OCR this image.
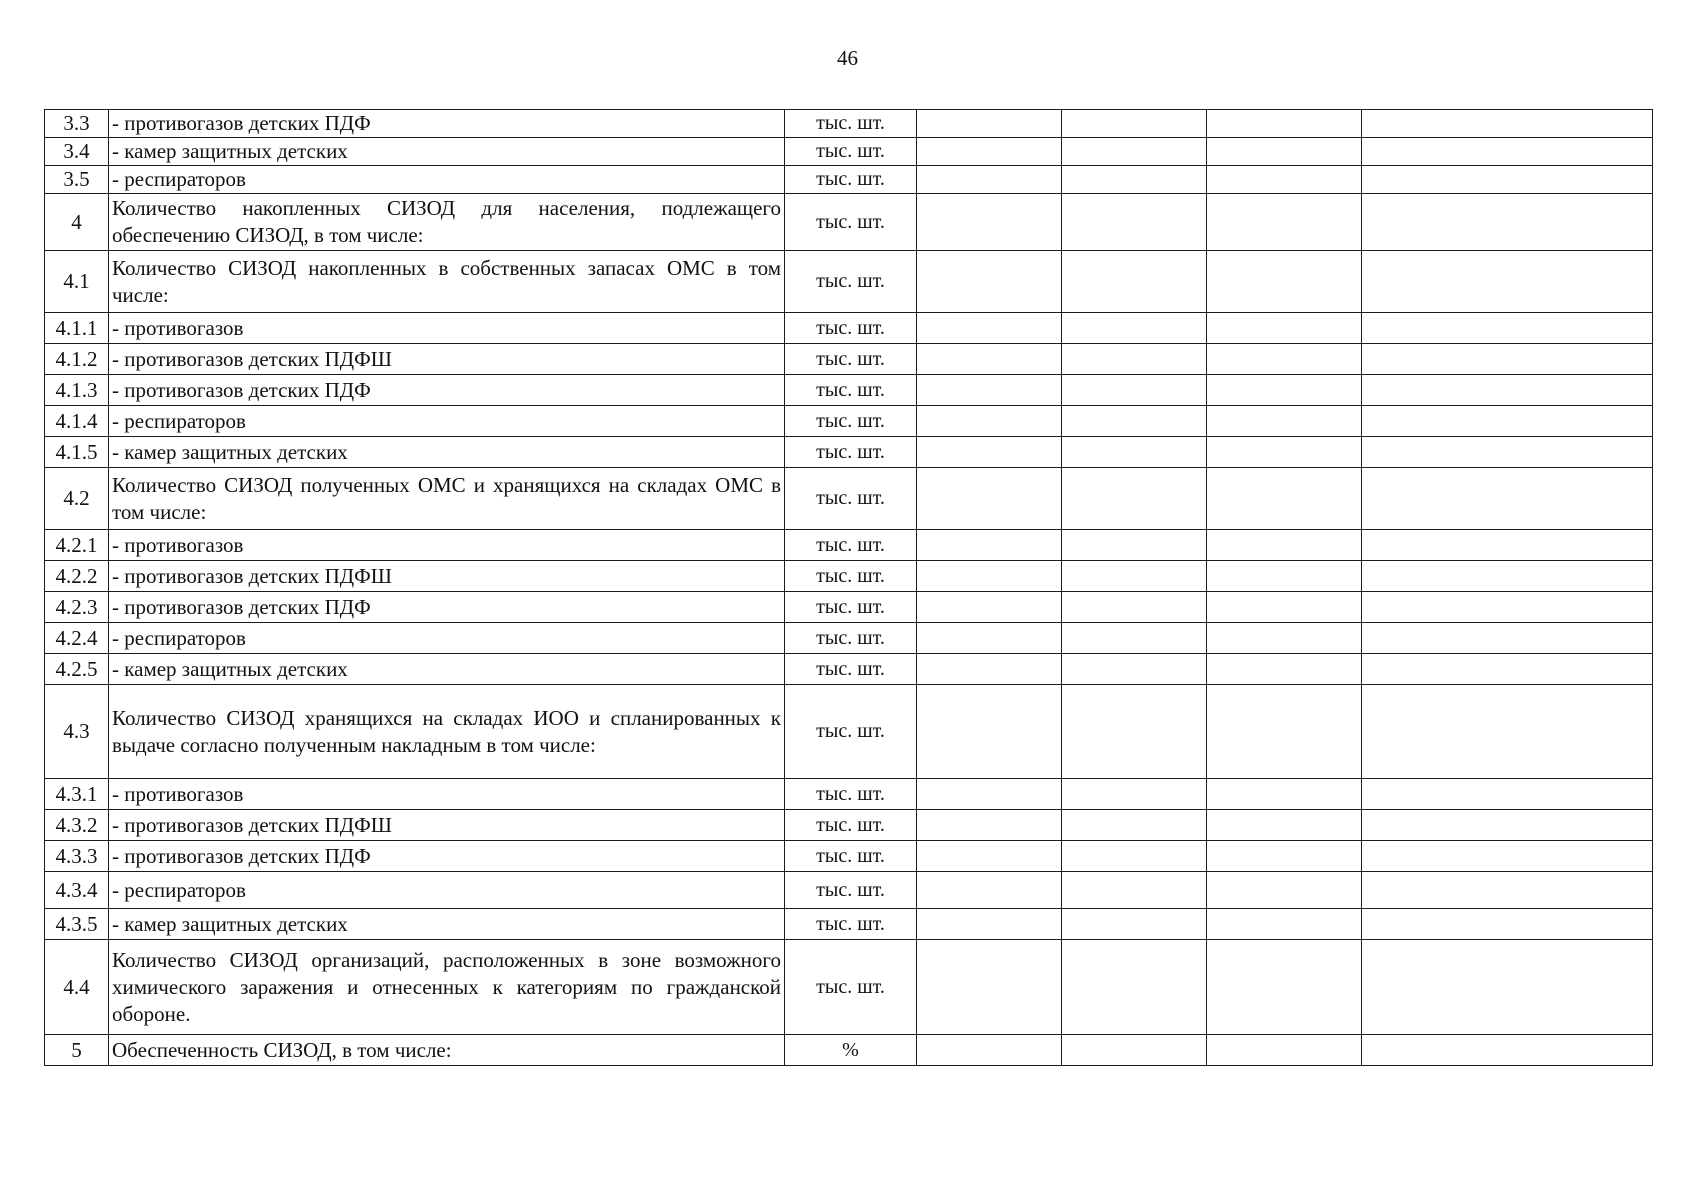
46
3.3	- противогазов детских ПДФ	тыс. шт.				
3.4	- камер защитных детских	тыс. шт.				
3.5	- респираторов	тыс. шт.				
4	Количество накопленных СИЗОД для населения, подлежащего обеспечению СИЗОД, в том числе:	тыс. шт.				
4.1	Количество СИЗОД накопленных в собственных запасах ОМС в том числе:	тыс. шт.				
4.1.1	- противогазов	тыс. шт.				
4.1.2	- противогазов детских ПДФШ	тыс. шт.				
4.1.3	- противогазов детских ПДФ	тыс. шт.				
4.1.4	- респираторов	тыс. шт.				
4.1.5	- камер защитных детских	тыс. шт.				
4.2	Количество СИЗОД полученных ОМС и хранящихся на складах ОМС в том числе:	тыс. шт.				
4.2.1	- противогазов	тыс. шт.				
4.2.2	- противогазов детских ПДФШ	тыс. шт.				
4.2.3	- противогазов детских ПДФ	тыс. шт.				
4.2.4	- респираторов	тыс. шт.				
4.2.5	- камер защитных детских	тыс. шт.				
4.3	Количество СИЗОД хранящихся на складах ИОО и спланированных к выдаче согласно полученным накладным в том числе:	тыс. шт.				
4.3.1	- противогазов	тыс. шт.				
4.3.2	- противогазов детских ПДФШ	тыс. шт.				
4.3.3	- противогазов детских ПДФ	тыс. шт.				
4.3.4	- респираторов	тыс. шт.				
4.3.5	- камер защитных детских	тыс. шт.				
4.4	Количество СИЗОД организаций, расположенных в зоне возможного химического заражения и отнесенных к категориям по гражданской обороне.	тыс. шт.				
5	Обеспеченность СИЗОД, в том числе:	%				
